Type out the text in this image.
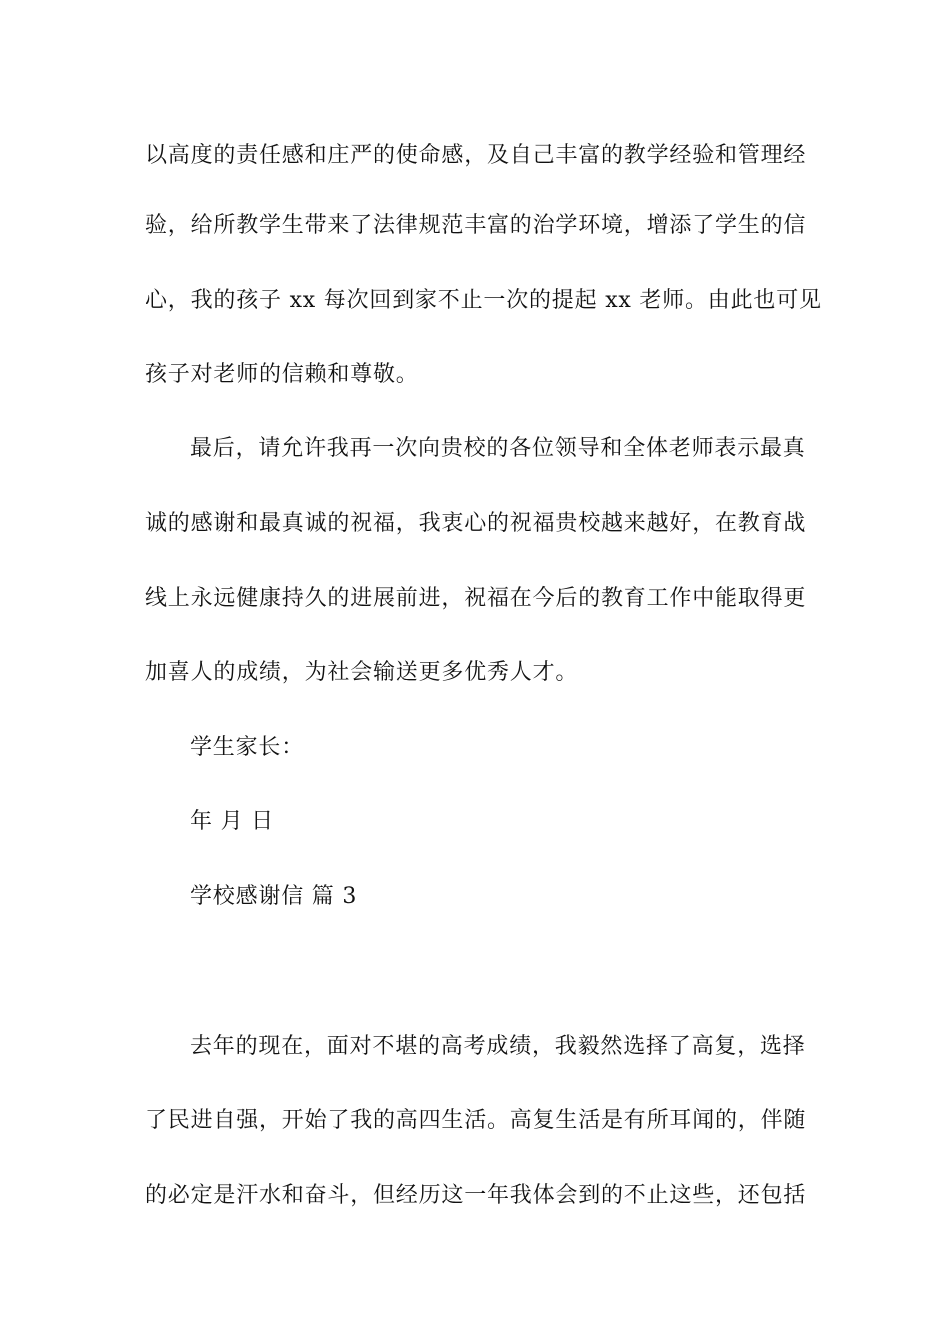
以高度的责任感和庄严的使命感，及自己丰富的教学经验和管理经
验，给所教学生带来了法律规范丰富的治学环境，增添了学生的信
心，我的孩子 xx 每次回到家不止一次的提起 xx 老师。由此也可见
孩子对老师的信赖和尊敬。
最后，请允许我再一次向贵校的各位领导和全体老师表示最真
诚的感谢和最真诚的祝福，我衷心的祝福贵校越来越好，在教育战
线上永远健康持久的进展前进，祝福在今后的教育工作中能取得更
加喜人的成绩，为社会输送更多优秀人才。
学生家长：
年 月 日
学校感谢信 篇 3
去年的现在，面对不堪的高考成绩，我毅然选择了高复，选择
了民进自强，开始了我的高四生活。高复生活是有所耳闻的，伴随
的必定是汗水和奋斗，但经历这一年我体会到的不止这些，还包括
